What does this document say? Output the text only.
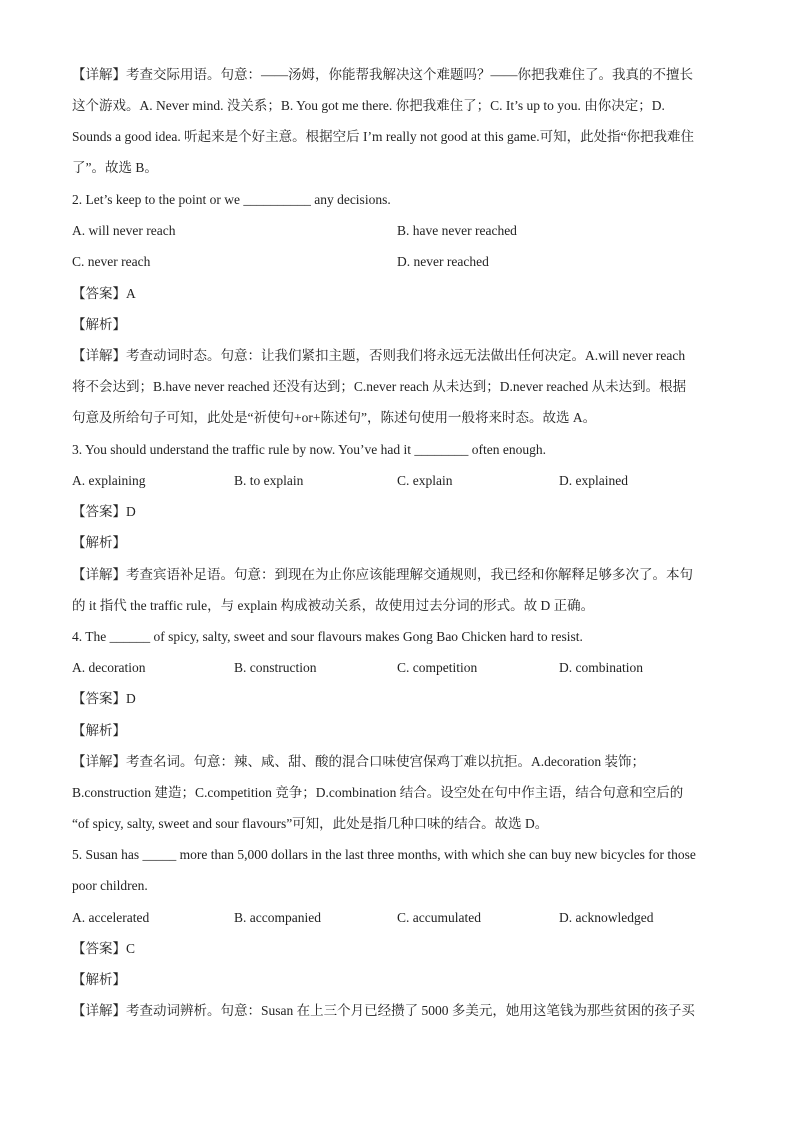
【详解】考查交际用语。句意：——汤姆，你能帮我解决这个难题吗？——你把我难住了。我真的不擅长
这个游戏。A. Never mind. 没关系；B. You got me there. 你把我难住了；C. It’s up to you. 由你决定；D.
Sounds a good idea. 听起来是个好主意。根据空后 I’m really not good at this game.可知，此处指“你把我难住
了”。故选 B。
2. Let’s keep to the point or we __________ any decisions.
A. will never reach	B. have never reached
C. never reach	D. never reached
【答案】A
【解析】
【详解】考查动词时态。句意：让我们紧扣主题，否则我们将永远无法做出任何决定。A.will never reach
将不会达到；B.have never reached 还没有达到；C.never reach 从未达到；D.never reached 从未达到。根据
句意及所给句子可知，此处是“祈使句+or+陈述句”，陈述句使用一般将来时态。故选 A。
3. You should understand the traffic rule by now. You’ve had it ________ often enough.
A. explaining	B. to explain	C. explain	D. explained
【答案】D
【解析】
【详解】考查宾语补足语。句意：到现在为止你应该能理解交通规则，我已经和你解释足够多次了。本句
的 it 指代 the traffic rule，与 explain 构成被动关系，故使用过去分词的形式。故 D 正确。
4. The ______ of spicy, salty, sweet and sour flavours makes Gong Bao Chicken hard to resist.
A. decoration	B. construction	C. competition	D. combination
【答案】D
【解析】
【详解】考查名词。句意：辣、咸、甜、酸的混合口味使宫保鸡丁难以抗拒。A.decoration 装饰；
B.construction 建造；C.competition 竞争；D.combination 结合。设空处在句中作主语，结合句意和空后的
“of spicy, salty, sweet and sour flavours”可知，此处是指几种口味的结合。故选 D。
5. Susan has _____ more than 5,000 dollars in the last three months, with which she can buy new bicycles for those
poor children.
A. accelerated	B. accompanied	C. accumulated	D. acknowledged
【答案】C
【解析】
【详解】考查动词辨析。句意：Susan 在上三个月已经攒了 5000 多美元，她用这笔钱为那些贫困的孩子买
